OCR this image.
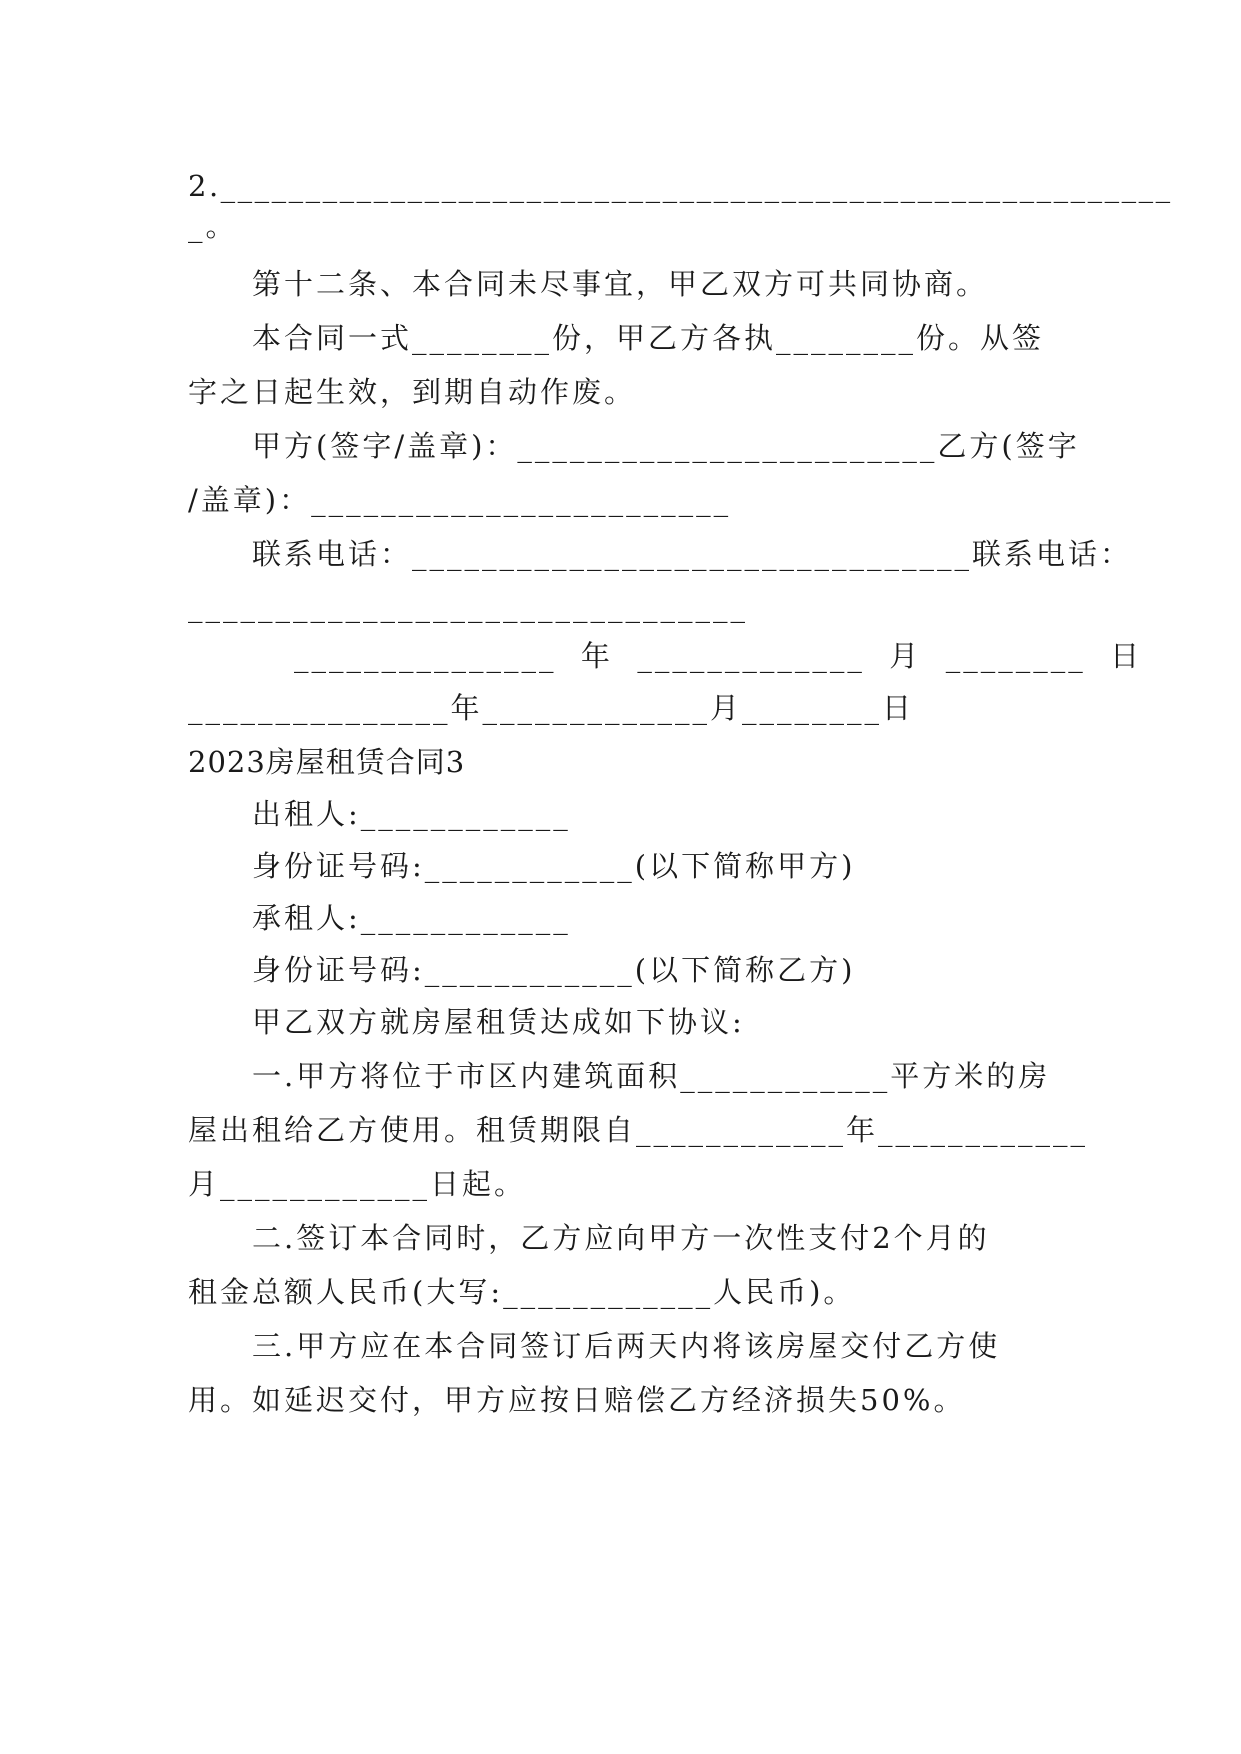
2.________________________________________________________
_。
第十二条、本合同未尽事宜，甲乙双方可共同协商。
本合同一式________份，甲乙方各执________份。从签
字之日起生效，到期自动作废。
甲方(签字/盖章)：________________________乙方(签字
/盖章)：________________________
联系电话：________________________________联系电话：
________________________________
_______________  年  _____________  月  ________  日
_______________年_____________月________日
2023房屋租赁合同3
出租人:____________
身份证号码:____________(以下简称甲方)
承租人:____________
身份证号码:____________(以下简称乙方)
甲乙双方就房屋租赁达成如下协议:
一.甲方将位于市区内建筑面积____________平方米的房
屋出租给乙方使用。租赁期限自____________年____________
月____________日起。
二.签订本合同时，乙方应向甲方一次性支付2个月的
租金总额人民币(大写:____________人民币)。
三.甲方应在本合同签订后两天内将该房屋交付乙方使
用。如延迟交付，甲方应按日赔偿乙方经济损失50%。
